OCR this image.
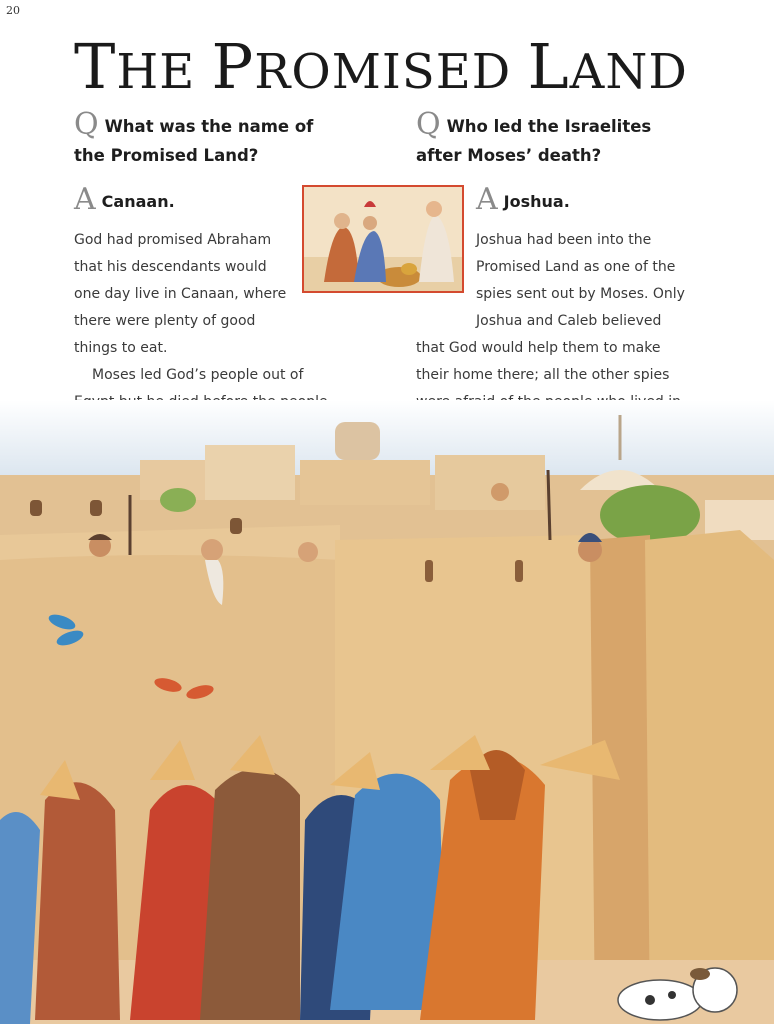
20
THE PROMISED LAND
Q What was the name of
the Promised Land?
A Canaan.
God had promised Abraham
that his descendants would
one day live in Canaan, where
there were plenty of good
things to eat.
Moses led God’s people out of

Q Who led the Israelites
after Moses’ death?
A Joshua.
Joshua had been into the
Promised Land as one of the
spies sent out by Moses. Only
Joshua and Caleb believed
that God would help them to make
their home there; all the other spies
